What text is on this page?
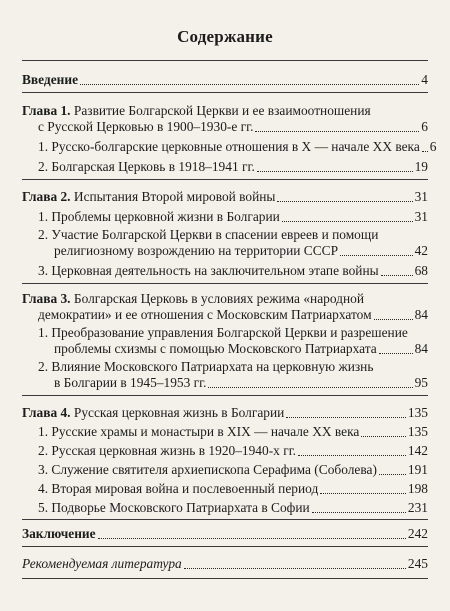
Содержание
Введение	4
Глава 1. Развитие Болгарской Церкви и ее взаимоотношения
с Русской Церковью в 1900–1930-е гг.	6
1. Русско-болгарские церковные отношения в X — начале XX века 6
2. Болгарская Церковь в 1918–1941 гг.	19
Глава 2. Испытания Второй мировой войны	31
1. Проблемы церковной жизни в Болгарии	31
2. Участие Болгарской Церкви в спасении евреев и помощи
религиозному возрождению на территории СССР	42
3. Церковная деятельность на заключительном этапе войны	68
Глава 3. Болгарская Церковь в условиях режима «народной
демократии» и ее отношения с Московским Патриархатом	84
1. Преобразование управления Болгарской Церкви и разрешение
проблемы схизмы с помощью Московского Патриархата	84
2. Влияние Московского Патриархата на церковную жизнь
в Болгарии в 1945–1953 гг.	95
Глава 4. Русская церковная жизнь в Болгарии	135
1. Русские храмы и монастыри в XIX — начале XX века	135
2. Русская церковная жизнь в 1920–1940-х гг.	142
3. Служение святителя архиепископа Серафима (Соболева) 191
4. Вторая мировая война и послевоенный период	198
5. Подворье Московского Патриархата в Софии	231
Заключение	242
Рекомендуемая литература	245
